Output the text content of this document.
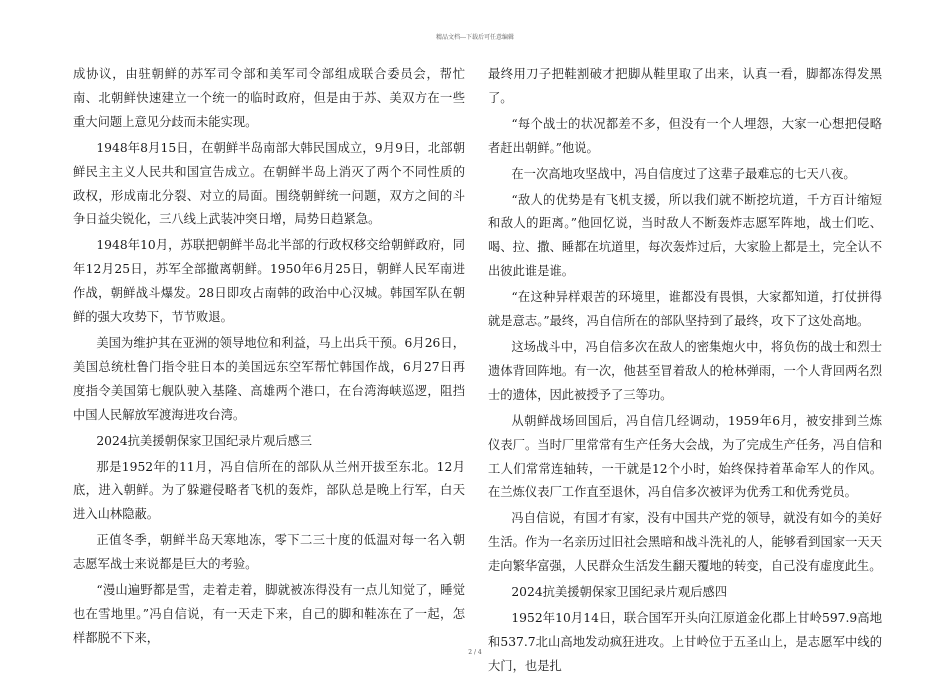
精品文档---下载后可任意编辑

成协议，由驻朝鲜的苏军司令部和美军司令部组成联合委员会，帮忙南、北朝鲜快速建立一个统一的临时政府，但是由于苏、美双方在一些重大问题上意见分歧而未能实现。

1948年8月15日，在朝鲜半岛南部大韩民国成立，9月9日，北部朝鲜民主主义人民共和国宣告成立。在朝鲜半岛上消灭了两个不同性质的政权，形成南北分裂、对立的局面。围绕朝鲜统一问题，双方之间的斗争日益尖锐化，三八线上武装冲突日增，局势日趋紧急。

1948年10月，苏联把朝鲜半岛北半部的行政权移交给朝鲜政府，同年12月25日，苏军全部撤离朝鲜。1950年6月25日，朝鲜人民军南进作战，朝鲜战斗爆发。28日即攻占南韩的政治中心汉城。韩国军队在朝鲜的强大攻势下，节节败退。

美国为维护其在亚洲的领导地位和利益，马上出兵干预。6月26日，美国总统杜鲁门指令驻日本的美国远东空军帮忙韩国作战，6月27日再度指令美国第七舰队驶入基隆、高雄两个港口，在台湾海峡巡逻，阻挡中国人民解放军渡海进攻台湾。

2024抗美援朝保家卫国纪录片观后感三

那是1952年的11月，冯自信所在的部队从兰州开拔至东北。12月底，进入朝鲜。为了躲避侵略者飞机的轰炸，部队总是晚上行军，白天进入山林隐蔽。

正值冬季，朝鲜半岛天寒地冻，零下二三十度的低温对每一名入朝志愿军战士来说都是巨大的考验。

“漫山遍野都是雪，走着走着，脚就被冻得没有一点儿知觉了，睡觉也在雪地里。”冯自信说，有一天走下来，自己的脚和鞋冻在了一起，怎样都脱不下来，

最终用刀子把鞋割破才把脚从鞋里取了出来，认真一看，脚都冻得发黑了。

“每个战士的状况都差不多，但没有一个人埋怨，大家一心想把侵略者赶出朝鲜。”他说。

在一次高地攻坚战中，冯自信度过了这辈子最难忘的七天八夜。

“敌人的优势是有飞机支援，所以我们就不断挖坑道，千方百计缩短和敌人的距离。”他回忆说，当时敌人不断轰炸志愿军阵地，战士们吃、喝、拉、撒、睡都在坑道里，每次轰炸过后，大家脸上都是土，完全认不出彼此谁是谁。

“在这种异样艰苦的环境里，谁都没有畏惧，大家都知道，打仗拼得就是意志。”最终，冯自信所在的部队坚持到了最终，攻下了这处高地。

这场战斗中，冯自信多次在敌人的密集炮火中，将负伤的战士和烈士遗体背回阵地。有一次，他甚至冒着敌人的枪林弹雨，一个人背回两名烈士的遗体，因此被授予了三等功。

从朝鲜战场回国后，冯自信几经调动，1959年6月，被安排到兰炼仪表厂。当时厂里常常有生产任务大会战，为了完成生产任务，冯自信和工人们常常连轴转，一干就是12个小时，始终保持着革命军人的作风。在兰炼仪表厂工作直至退休，冯自信多次被评为优秀工和优秀党员。

冯自信说，有国才有家，没有中国共产党的领导，就没有如今的美好生活。作为一名亲历过旧社会黑暗和战斗洗礼的人，能够看到国家一天天走向繁华富强，人民群众生活发生翻天覆地的转变，自己没有虚度此生。

2024抗美援朝保家卫国纪录片观后感四

1952年10月14日，联合国军开头向江原道金化郡上甘岭597.9高地和537.7北山高地发动疯狂进攻。上甘岭位于五圣山上，是志愿军中线的大门，也是扎

2 / 4
